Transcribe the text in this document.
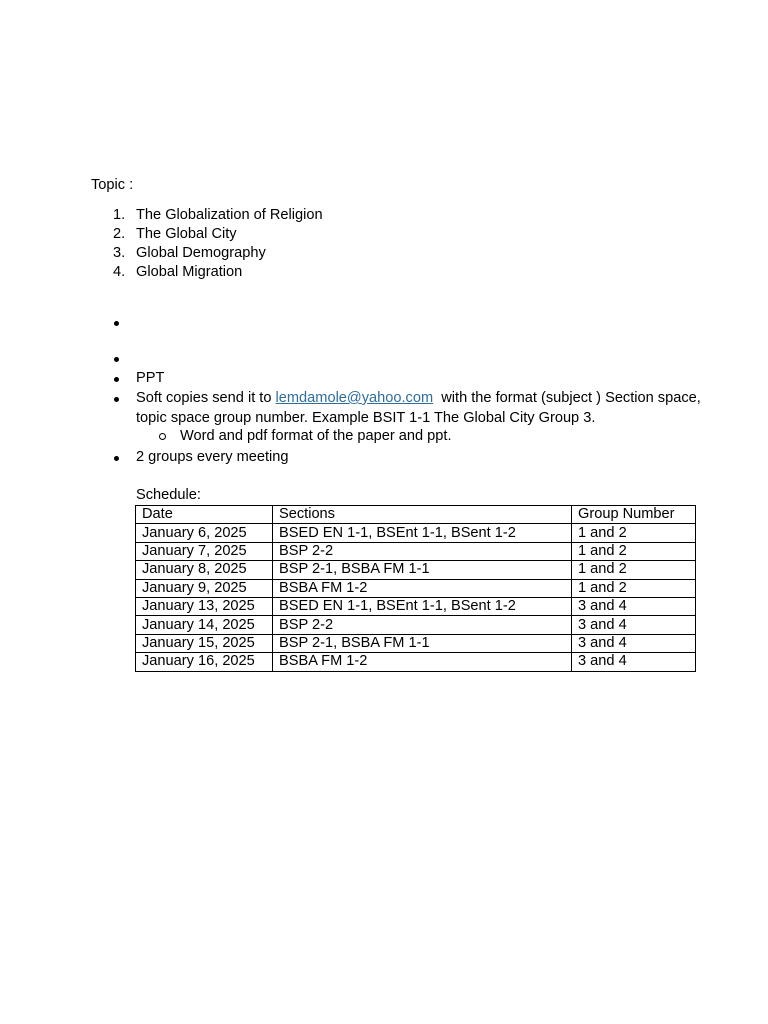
Topic :
1. The Globalization of Religion
2. The Global City
3. Global Demography
4. Global Migration

PPT
Soft copies send it to lemdamole@yahoo.com  with the format (subject ) Section space, topic space group number. Example BSIT 1-1 The Global City Group 3.
2 groups every meeting
Word and pdf format of the paper and ppt.
Schedule:
Date	Sections	Group Number
January 6, 2025	BSED EN 1-1, BSEnt 1-1, BSent 1-2	1 and 2
January 7, 2025	BSP 2-2	1 and 2
January 8, 2025	BSP 2-1, BSBA FM 1-1	1 and 2
January 9, 2025	BSBA FM 1-2	1 and 2
January 13, 2025	BSED EN 1-1, BSEnt 1-1, BSent 1-2	3 and 4
January 14, 2025	BSP 2-2	3 and 4
January 15, 2025	BSP 2-1, BSBA FM 1-1	3 and 4
January 16, 2025	BSBA FM 1-2	3 and 4
